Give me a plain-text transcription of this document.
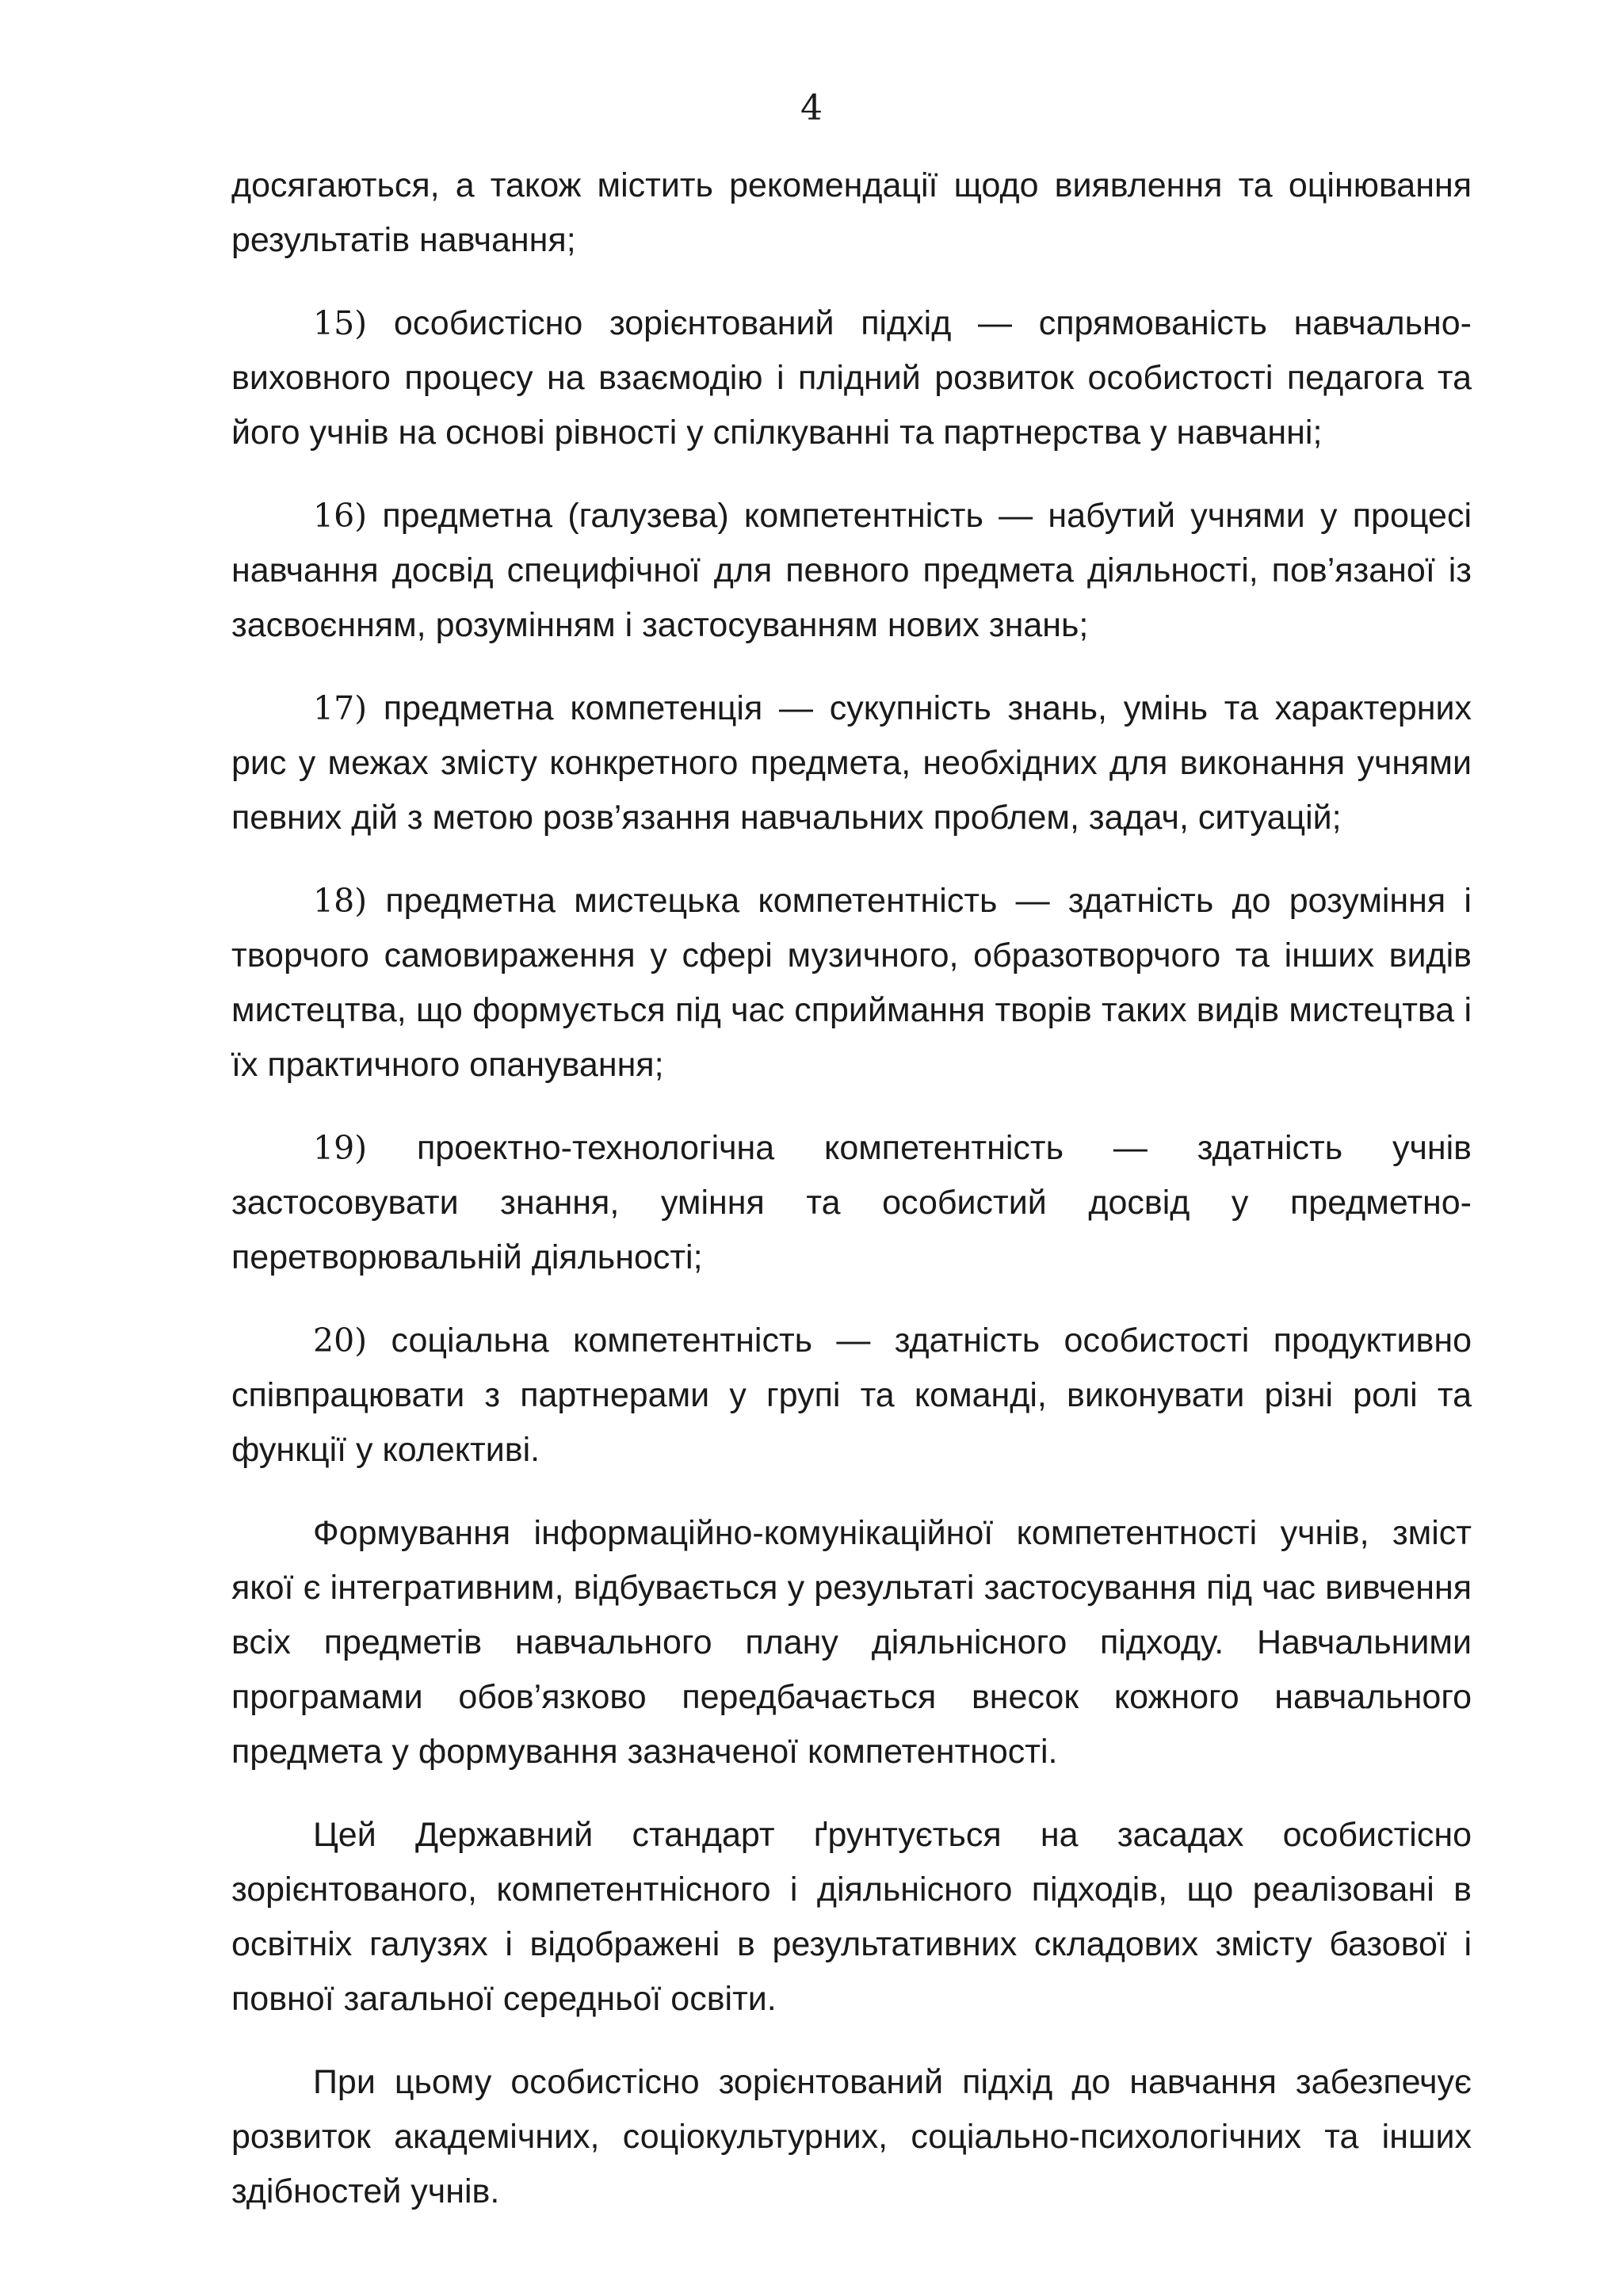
4

досягаються, а також містить рекомендації щодо виявлення та оцінювання результатів навчання;

15) особистісно зорієнтований підхід — спрямованість навчально-виховного процесу на взаємодію і плідний розвиток особистості педагога та його учнів на основі рівності у спілкуванні та партнерства у навчанні;

16) предметна (галузева) компетентність — набутий учнями у процесі навчання досвід специфічної для певного предмета діяльності, пов’язаної із засвоєнням, розумінням і застосуванням нових знань;

17) предметна компетенція — сукупність знань, умінь та характерних рис у межах змісту конкретного предмета, необхідних для виконання учнями певних дій з метою розв’язання навчальних проблем, задач, ситуацій;

18) предметна мистецька компетентність — здатність до розуміння і творчого самовираження у сфері музичного, образотворчого та інших видів мистецтва, що формується під час сприймання творів таких видів мистецтва і їх практичного опанування;

19) проектно-технологічна компетентність — здатність учнів застосовувати знання, уміння та особистий досвід у предметно-перетворювальній діяльності;

20) соціальна компетентність — здатність особистості продуктивно співпрацювати з партнерами у групі та команді, виконувати різні ролі та функції у колективі.

Формування інформаційно-комунікаційної компетентності учнів, зміст якої є інтегративним, відбувається у результаті застосування під час вивчення всіх предметів навчального плану діяльнісного підходу. Навчальними програмами обов’язково передбачається внесок кожного навчального предмета у формування зазначеної компетентності.

Цей Державний стандарт ґрунтується на засадах особистісно зорієнтованого, компетентнісного і діяльнісного підходів, що реалізовані в освітніх галузях і відображені в результативних складових змісту базової і повної загальної середньої освіти.

При цьому особистісно зорієнтований підхід до навчання забезпечує розвиток академічних, соціокультурних, соціально-психологічних та інших здібностей учнів.
